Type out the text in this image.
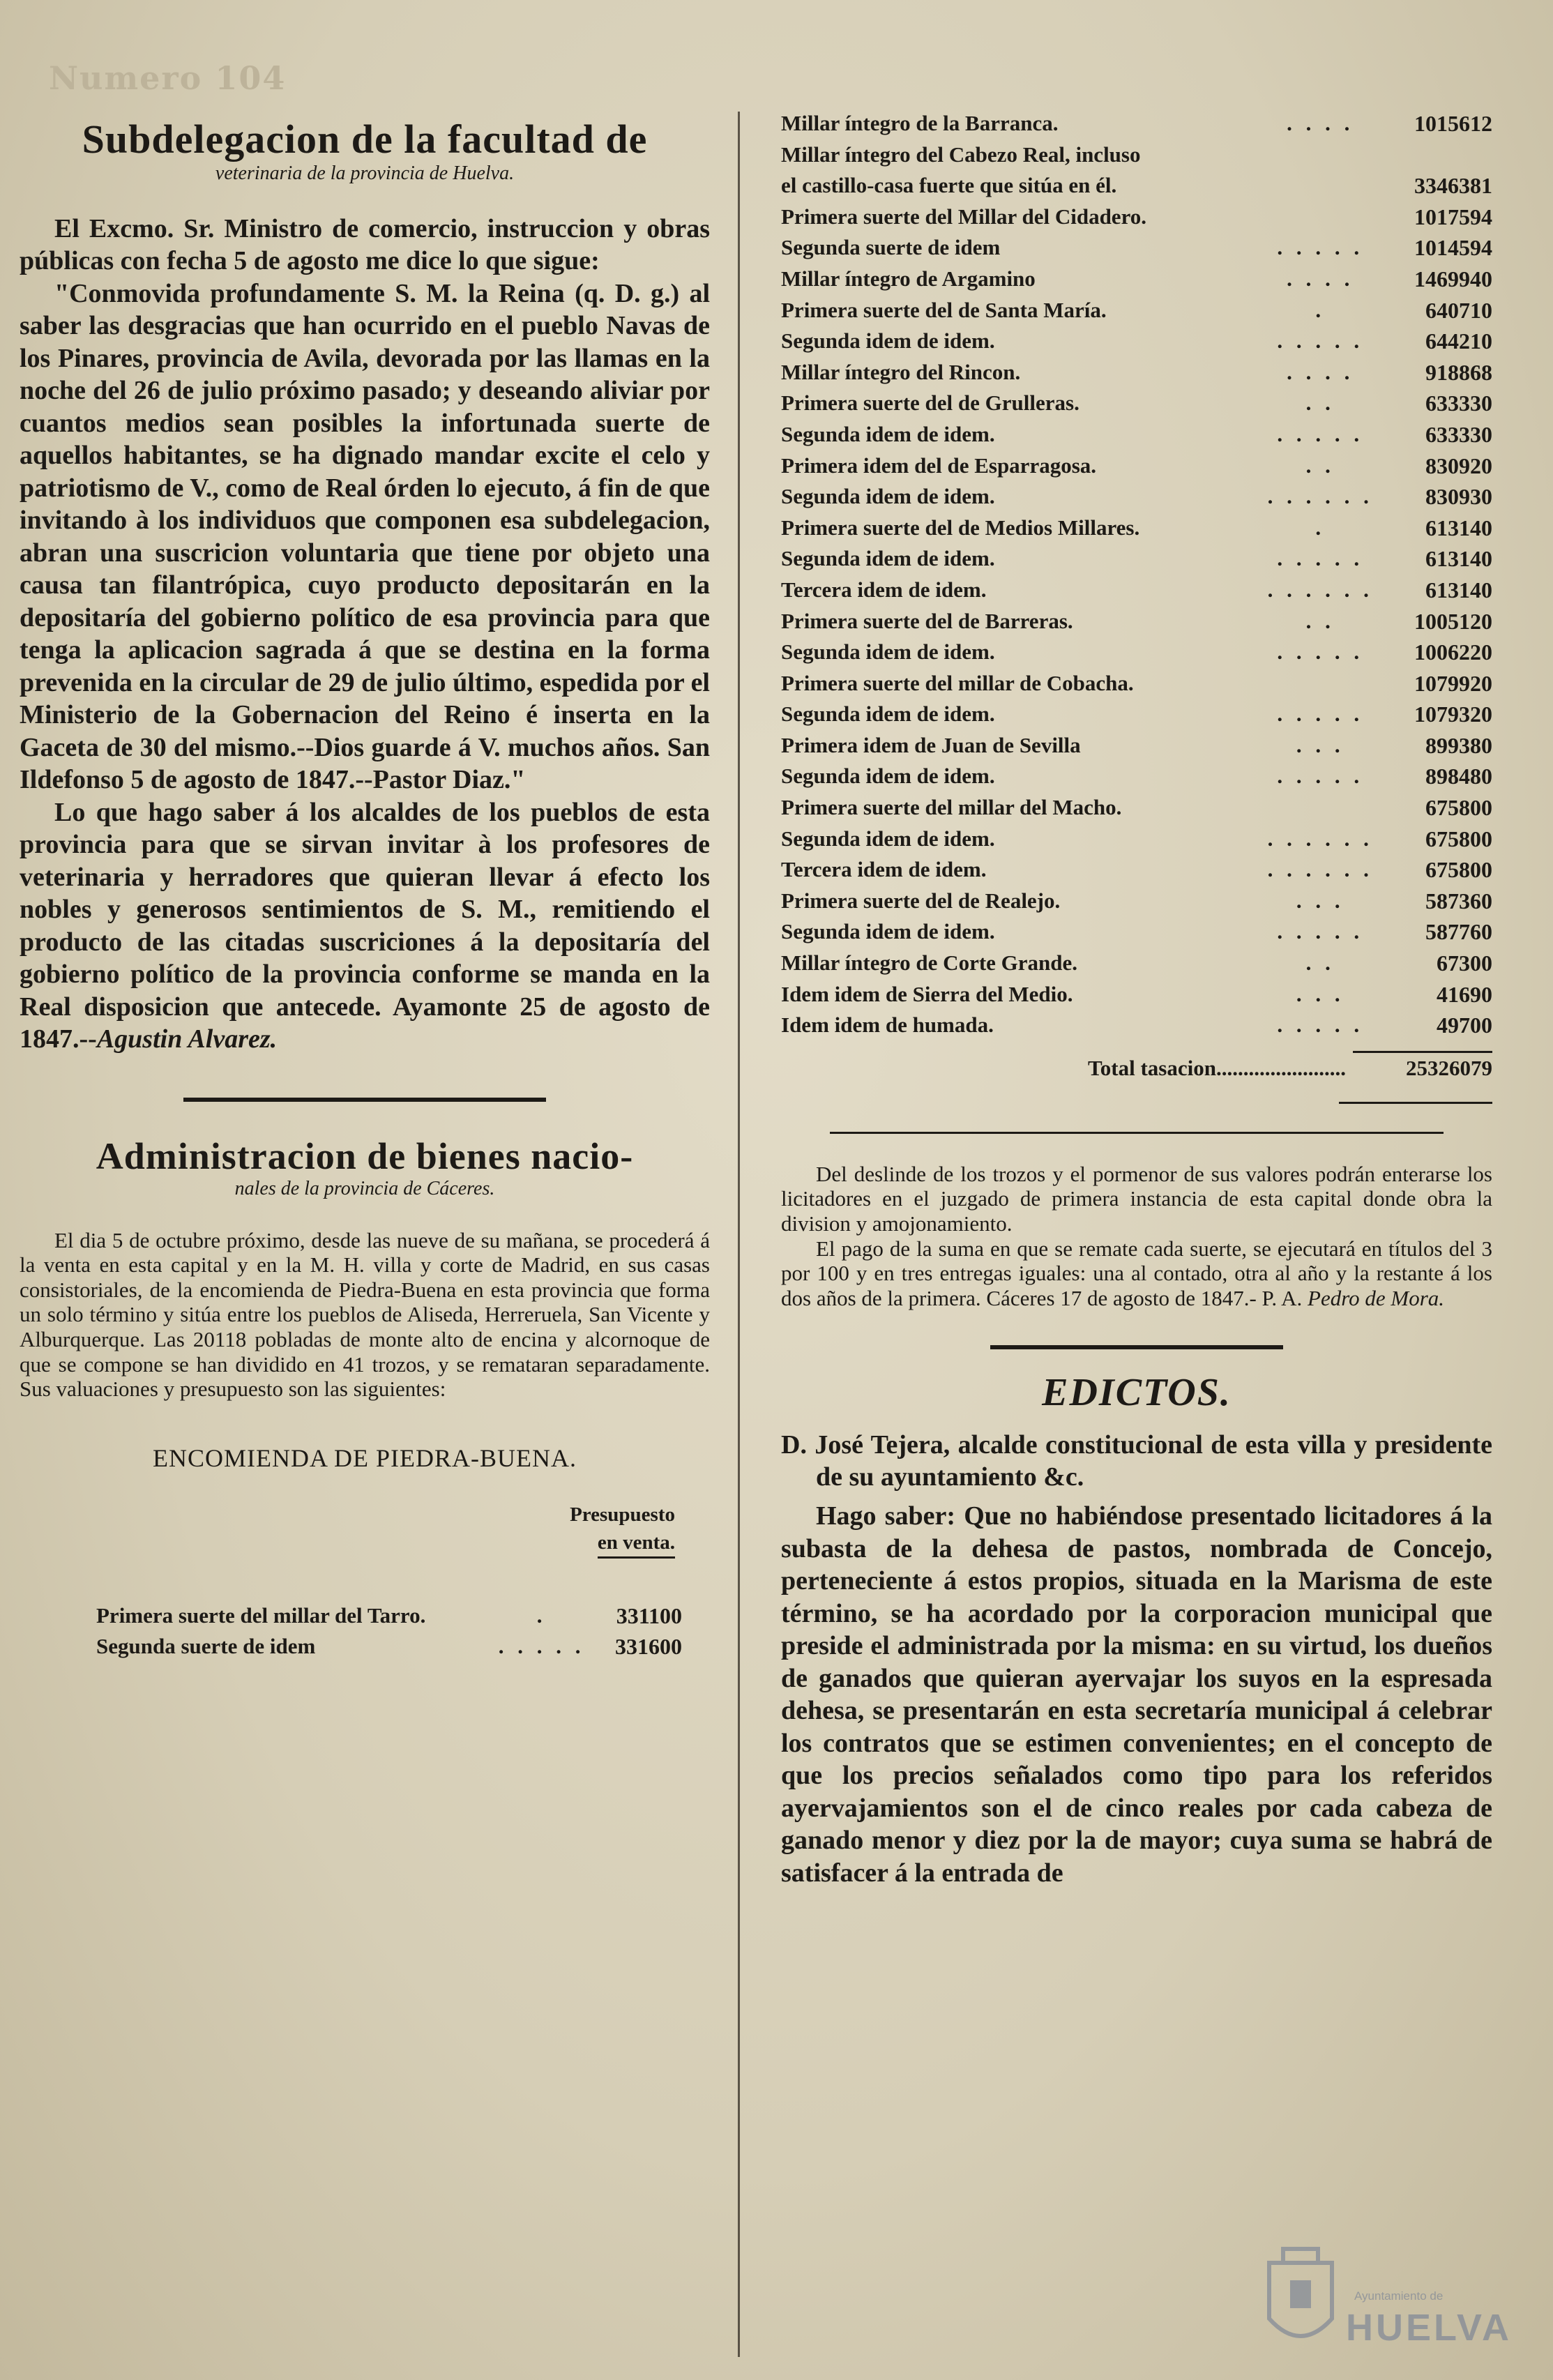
Numero 104
Subdelegacion de la facultad de
veterinaria de la provincia de Huelva.

El Excmo. Sr. Ministro de comercio, instruccion y obras públicas con fecha 5 de agosto me dice lo que sigue:

"Conmovida profundamente S. M. la Reina (q. D. g.) al saber las desgracias que han ocurrido en el pueblo Navas de los Pinares, provincia de Avila, devorada por las llamas en la noche del 26 de julio próximo pasado; y deseando aliviar por cuantos medios sean posibles la infortunada suerte de aquellos habitantes, se ha dignado mandar excite el celo y patriotismo de V., como de Real órden lo ejecuto, á fin de que invitando à los individuos que componen esa subdelegacion, abran una suscricion voluntaria que tiene por objeto una causa tan filantrópica, cuyo producto depositarán en la depositaría del gobierno político de esa provincia para que tenga la aplicacion sagrada á que se destina en la forma prevenida en la circular de 29 de julio último, espedida por el Ministerio de la Gobernacion del Reino é inserta en la Gaceta de 30 del mismo.--Dios guarde á V. muchos años. San Ildefonso 5 de agosto de 1847.--Pastor Diaz."

Lo que hago saber á los alcaldes de los pueblos de esta provincia para que se sirvan invitar à los profesores de veterinaria y herradores que quieran llevar á efecto los nobles y generosos sentimientos de S. M., remitiendo el producto de las citadas suscriciones á la depositaría del gobierno político de la provincia conforme se manda en la Real disposicion que antecede. Ayamonte 25 de agosto de 1847.--Agustin Alvarez.

Administracion de bienes nacio-
nales de la provincia de Cáceres.

El dia 5 de octubre próximo, desde las nueve de su mañana, se procederá á la venta en esta capital y en la M. H. villa y corte de Madrid, en sus casas consistoriales, de la encomienda de Piedra-Buena en esta provincia que forma un solo término y sitúa entre los pueblos de Aliseda, Herreruela, San Vicente y Alburquerque. Las 20118 pobladas de monte alto de encina y alcornoque de que se compone se han dividido en 41 trozos, y se remataran separadamente. Sus valuaciones y presupuesto son las siguientes:

ENCOMIENDA DE PIEDRA-BUENA.
Presupuesto
en venta.
Primera suerte del millar del Tarro.	.	331100
Segunda suerte de idem	. . . . .	331600
Millar íntegro de la Barranca.	. . . .	1015612
Millar íntegro del Cabezo Real, incluso		
el castillo-casa fuerte que sitúa en él.		3346381
Primera suerte del Millar del Cidadero.		1017594
Segunda suerte de idem	. . . . .	1014594
Millar íntegro de Argamino	. . . .	1469940
Primera suerte del de Santa María.	.	640710
Segunda idem de idem.	. . . . .	644210
Millar íntegro del Rincon.	. . . .	918868
Primera suerte del de Grulleras.	. .	633330
Segunda idem de idem.	. . . . .	633330
Primera idem del de Esparragosa.	. .	830920
Segunda idem de idem.	. . . . . .	830930
Primera suerte del de Medios Millares.	.	613140
Segunda idem de idem.	. . . . .	613140
Tercera idem de idem.	. . . . . .	613140
Primera suerte del de Barreras.	. .	1005120
Segunda idem de idem.	. . . . .	1006220
Primera suerte del millar de Cobacha.		1079920
Segunda idem de idem.	. . . . .	1079320
Primera idem de Juan de Sevilla	. . .	899380
Segunda idem de idem.	. . . . .	898480
Primera suerte del millar del Macho.		675800
Segunda idem de idem.	. . . . . .	675800
Tercera idem de idem.	. . . . . .	675800
Primera suerte del de Realejo.	. . .	587360
Segunda idem de idem.	. . . . .	587760
Millar íntegro de Corte Grande.	. .	67300
Idem idem de Sierra del Medio.	. . .	41690
Idem idem de humada.	. . . . .	49700
Total tasacion........................	25326079

Del deslinde de los trozos y el pormenor de sus valores podrán enterarse los licitadores en el juzgado de primera instancia de esta capital donde obra la division y amojonamiento.

El pago de la suma en que se remate cada suerte, se ejecutará en títulos del 3 por 100 y en tres entregas iguales: una al contado, otra al año y la restante á los dos años de la primera. Cáceres 17 de agosto de 1847.- P. A. Pedro de Mora.

EDICTOS.

D. José Tejera, alcalde constitucional de esta villa y presidente de su ayuntamiento &c.

Hago saber: Que no habiéndose presentado licitadores á la subasta de la dehesa de pastos, nombrada de Concejo, perteneciente á estos propios, situada en la Marisma de este término, se ha acordado por la corporacion municipal que preside el administrada por la misma: en su virtud, los dueños de ganados que quieran ayervajar los suyos en la espresada dehesa, se presentarán en esta secretaría municipal á celebrar los contratos que se estimen convenientes; en el concepto de que los precios señalados como tipo para los referidos ayervajamientos son el de cinco reales por cada cabeza de ganado menor y diez por la de mayor; cuya suma se habrá de satisfacer á la entrada de

Ayuntamiento de
HUELVA
